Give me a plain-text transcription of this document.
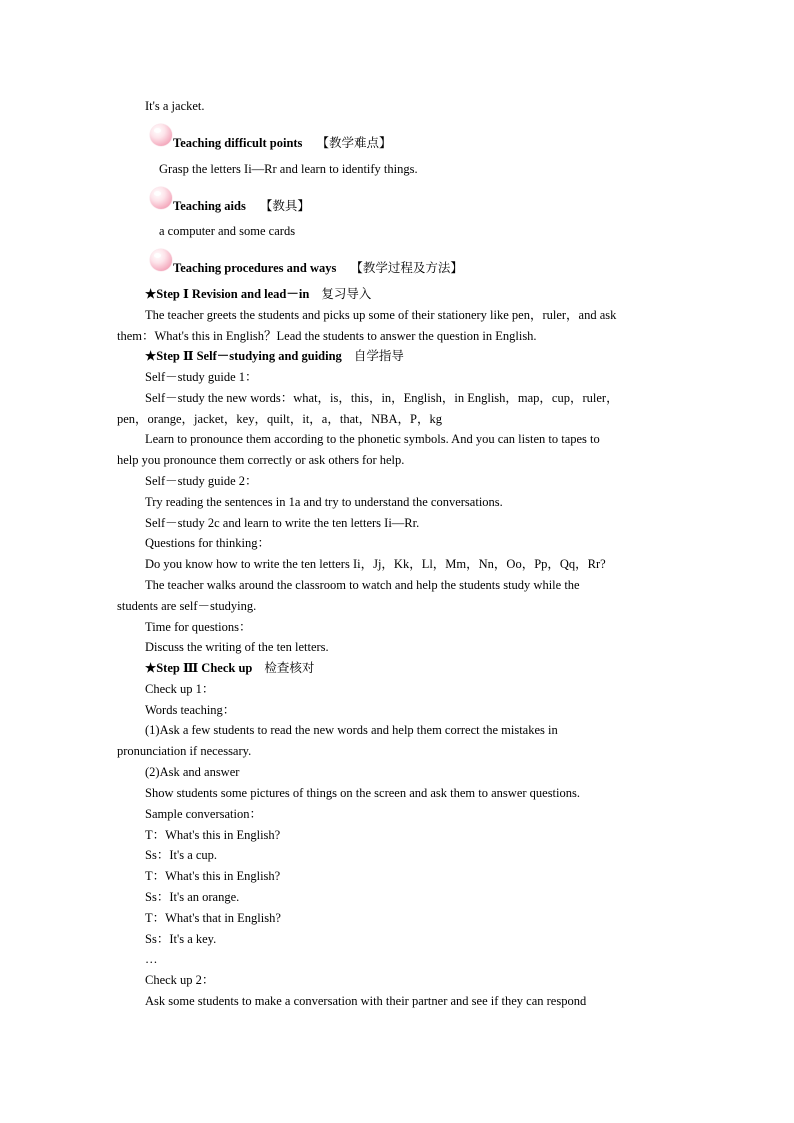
It's a jacket.
Teaching difficult points 【教学难点】
Grasp the letters Ii—Rr and learn to identify things.
Teaching aids 【教具】
a computer and some cards
Teaching procedures and ways 【教学过程及方法】
★Step Ⅰ Revision and lead－in 复习导入
The teacher greets the students and picks up some of their stationery like pen，ruler，and ask
them：What's this in English？Lead the students to answer the question in English.
★Step Ⅱ Self－studying and guiding 自学指导
Self－study guide 1：
Self－study the new words：what，is，this，in，English，in English，map，cup，ruler，
pen，orange，jacket，key，quilt，it，a，that，NBA，P，kg
Learn to pronounce them according to the phonetic symbols. And you can listen to tapes to
help you pronounce them correctly or ask others for help.
Self－study guide 2：
Try reading the sentences in 1a and try to understand the conversations.
Self－study 2c and learn to write the ten letters Ii—Rr.
Questions for thinking：
Do you know how to write the ten letters Ii，Jj，Kk，Ll，Mm，Nn，Oo，Pp，Qq，Rr?
The teacher walks around the classroom to watch and help the students study while the
students are self－studying.
Time for questions：
Discuss the writing of the ten letters.
★Step Ⅲ Check up 检查核对
Check up 1：
Words teaching：
(1)Ask a few students to read the new words and help them correct the mistakes in
pronunciation if necessary.
(2)Ask and answer
Show students some pictures of things on the screen and ask them to answer questions.
Sample conversation：
T：What's this in English?
Ss：It's a cup.
T：What's this in English?
Ss：It's an orange.
T：What's that in English?
Ss：It's a key.
…
Check up 2：
Ask some students to make a conversation with their partner and see if they can respond
